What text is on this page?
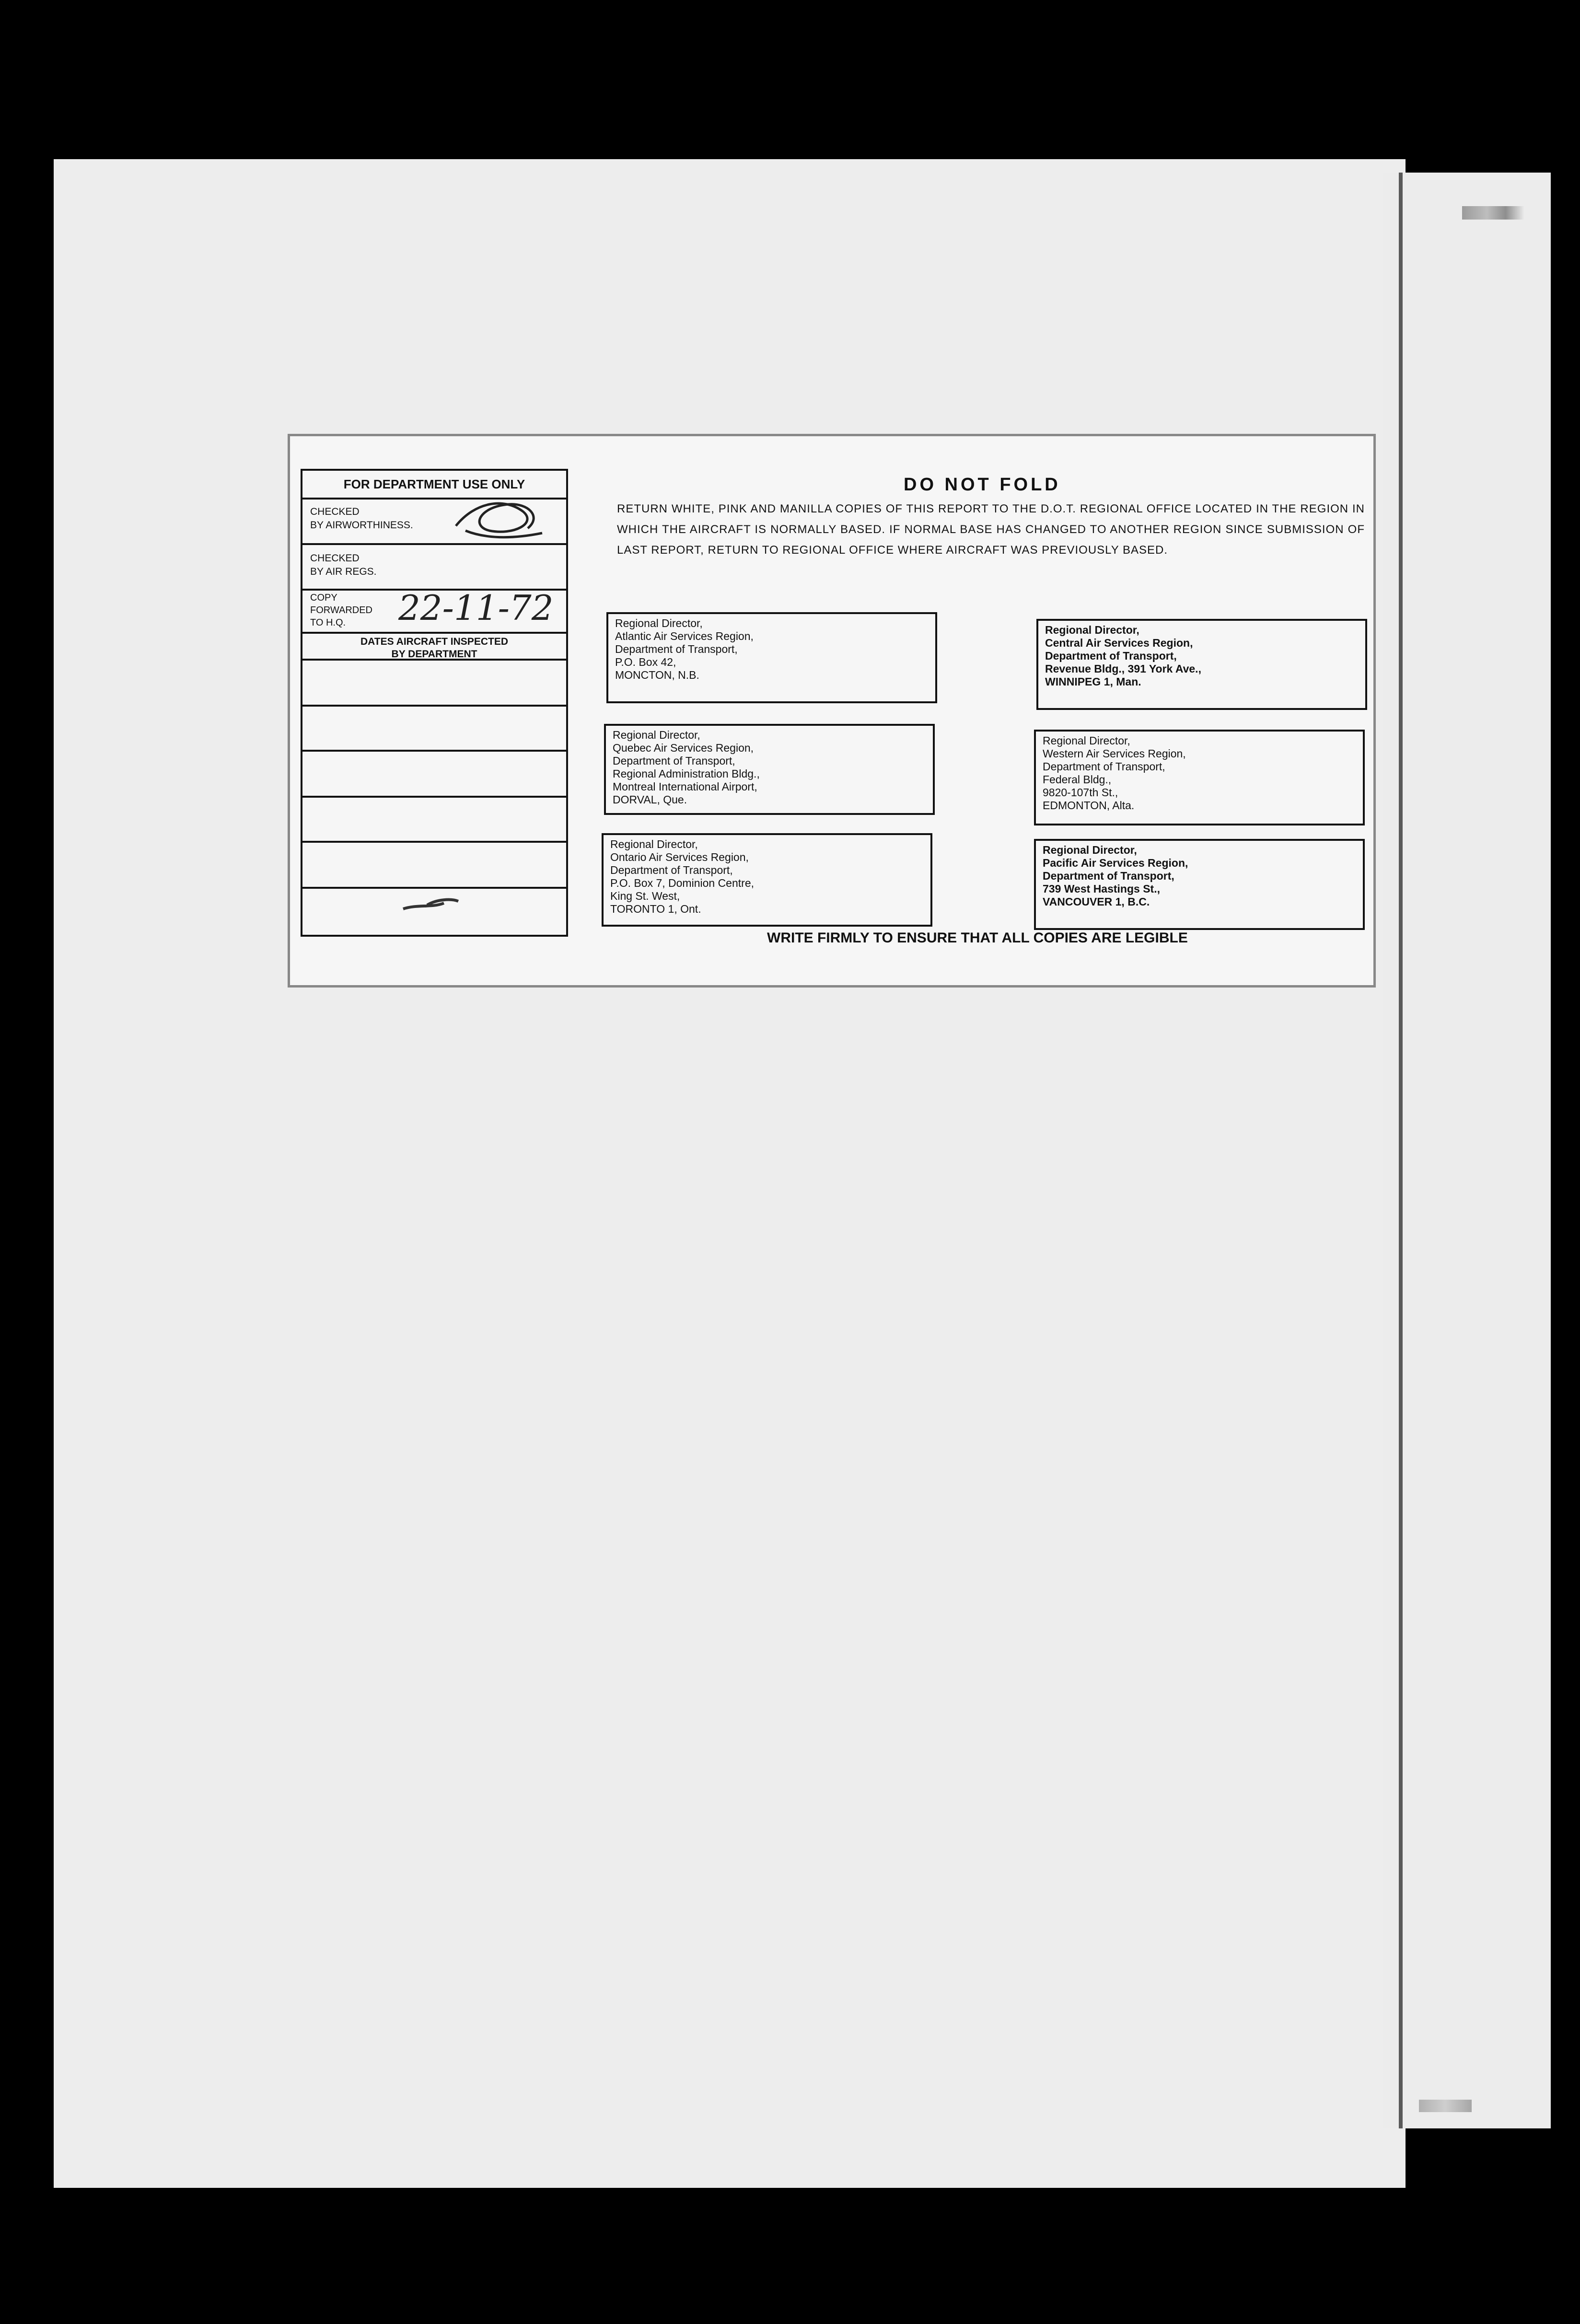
FOR DEPARTMENT USE ONLY
CHECKED
BY AIRWORTHINESS.
CHECKED
BY AIR REGS.
COPY
FORWARDED
TO H.Q.	22-11-72
DATES AIRCRAFT INSPECTED
BY DEPARTMENT
DO NOT FOLD
RETURN WHITE, PINK AND MANILLA COPIES OF THIS REPORT TO THE D.O.T. REGIONAL OFFICE LOCATED IN THE REGION IN WHICH THE AIRCRAFT IS NORMALLY BASED. IF NORMAL BASE HAS CHANGED TO ANOTHER REGION SINCE SUBMISSION OF LAST REPORT, RETURN TO REGIONAL OFFICE WHERE AIRCRAFT WAS PREVIOUSLY BASED.
Regional Director,
Atlantic Air Services Region,
Department of Transport,
P.O. Box 42,
MONCTON, N.B.
Regional Director,
Central Air Services Region,
Department of Transport,
Revenue Bldg., 391 York Ave.,
WINNIPEG 1, Man.
Regional Director,
Quebec Air Services Region,
Department of Transport,
Regional Administration Bldg.,
Montreal International Airport,
DORVAL, Que.
Regional Director,
Western Air Services Region,
Department of Transport,
Federal Bldg.,
9820-107th St.,
EDMONTON, Alta.
Regional Director,
Ontario Air Services Region,
Department of Transport,
P.O. Box 7, Dominion Centre,
King St. West,
TORONTO 1, Ont.
Regional Director,
Pacific Air Services Region,
Department of Transport,
739 West Hastings St.,
VANCOUVER 1, B.C.
WRITE FIRMLY TO ENSURE THAT ALL COPIES ARE LEGIBLE
